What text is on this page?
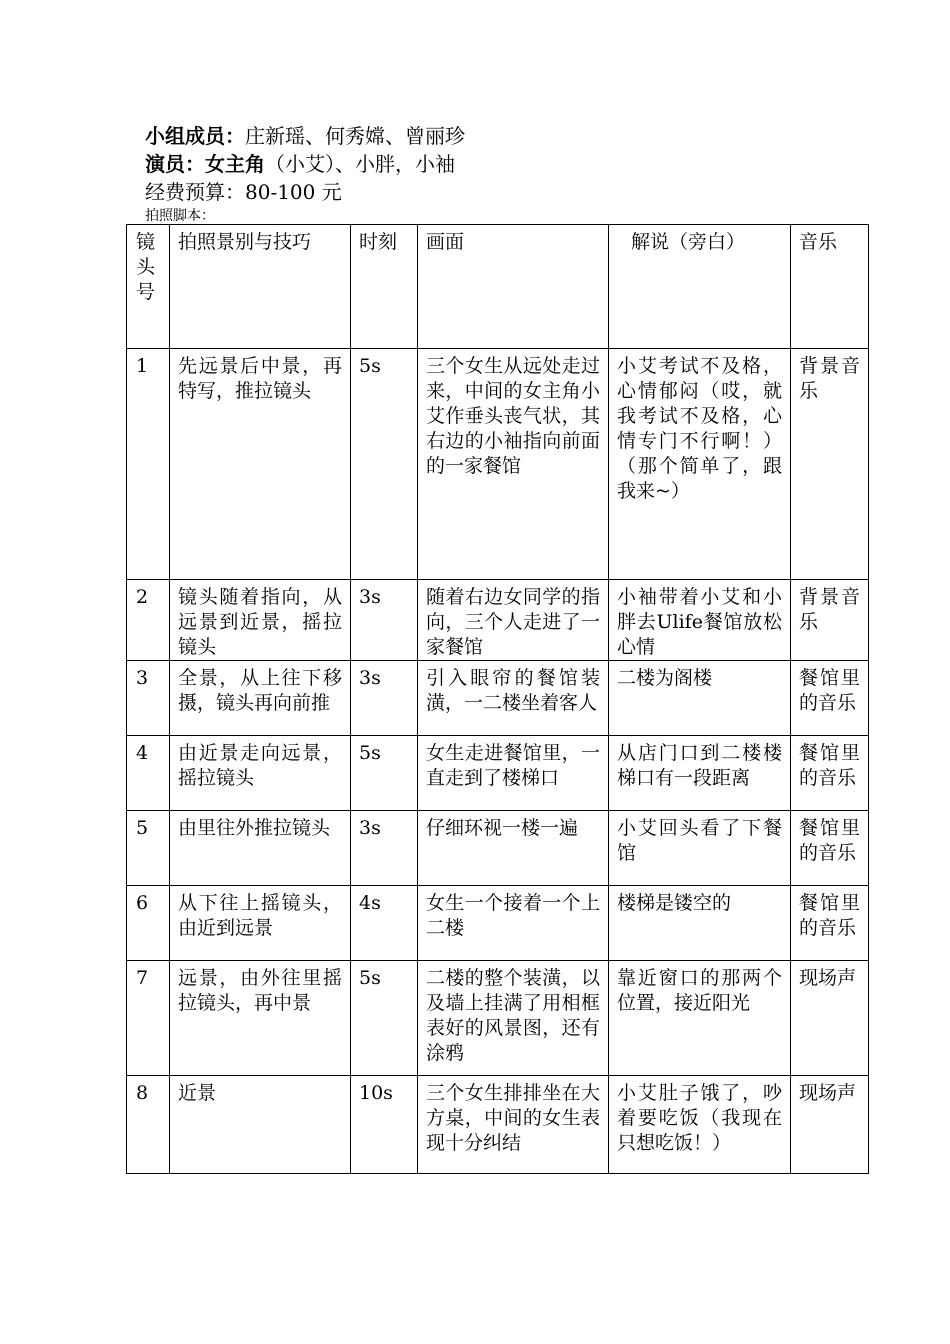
小组成员：庄新瑶、何秀嫦、曾丽珍
演员：女主角（小艾）、小胖，小袖
经费预算：80-100 元
拍照脚本：
镜头号	拍照景别与技巧	时刻	画面	解说（旁白）	音乐
1	先远景后中景，再特写，推拉镜头	5s	三个女生从远处走过来，中间的女主角小艾作垂头丧气状，其右边的小袖指向前面的一家餐馆	小艾考试不及格，心情郁闷（哎，就我考试不及格，心情专门不行啊！）（那个简单了，跟我来~）	背景音乐
2	镜头随着指向，从远景到近景，摇拉镜头	3s	随着右边女同学的指向，三个人走进了一家餐馆	小袖带着小艾和小胖去Ulife餐馆放松心情	背景音乐
3	全景，从上往下移摄，镜头再向前推	3s	引入眼帘的餐馆装潢，一二楼坐着客人	二楼为阁楼	餐馆里的音乐
4	由近景走向远景，摇拉镜头	5s	女生走进餐馆里，一直走到了楼梯口	从店门口到二楼楼梯口有一段距离	餐馆里的音乐
5	由里往外推拉镜头	3s	仔细环视一楼一遍	小艾回头看了下餐馆	餐馆里的音乐
6	从下往上摇镜头，由近到远景	4s	女生一个接着一个上二楼	楼梯是镂空的	餐馆里的音乐
7	远景，由外往里摇拉镜头，再中景	5s	二楼的整个装潢，以及墙上挂满了用相框表好的风景图，还有涂鸦	靠近窗口的那两个位置，接近阳光	现场声
8	近景	10s	三个女生排排坐在大方桌，中间的女生表现十分纠结	小艾肚子饿了，吵着要吃饭（我现在只想吃饭！）	现场声
